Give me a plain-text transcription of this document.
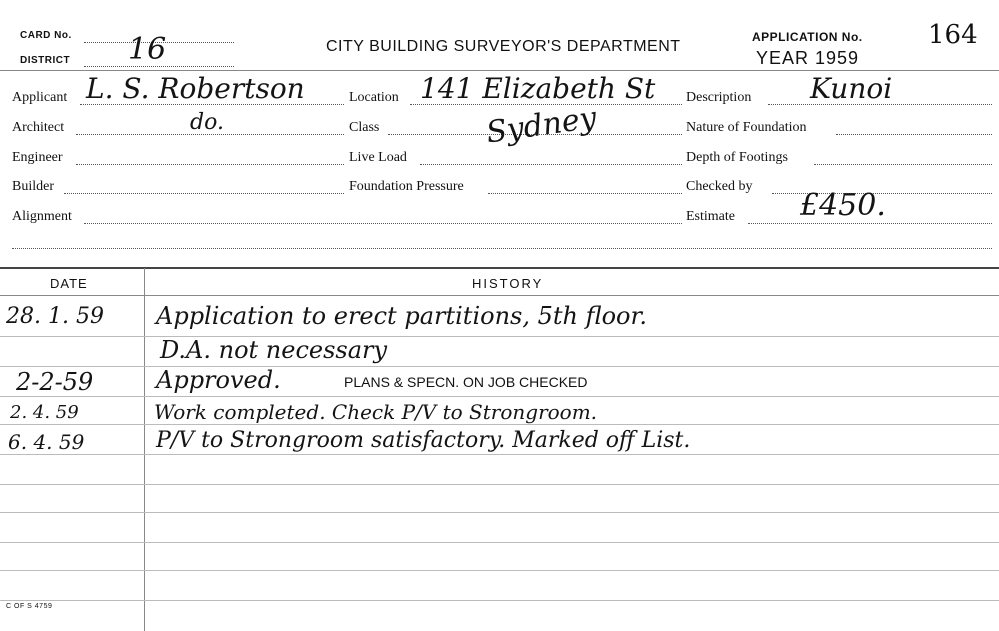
CARD No.
DISTRICT 16	CITY BUILDING SURVEYOR'S DEPARTMENT
APPLICATION No.	164
YEAR 1959
Applicant L. S. Robertson	Location 141 Elizabeth St Description Kunoi
Architect	do.	Class	Sydney	Nature of Foundation
Engineer	Live Load	Depth of Footings
Builder	Foundation Pressure	Checked by
Alignment	Estimate £450.
DATE	HISTORY
28. 1. 59 Application to erect partitions, 5th floor.
D.A. not necessary
2-2-59	Approved.	PLANS & SPECN. ON JOB CHECKED
2. 4. 59	Work completed. Check P/V to Strongroom.
6. 4. 59	P/V to Strongroom satisfactory. Marked off List.
C OF S 4759
